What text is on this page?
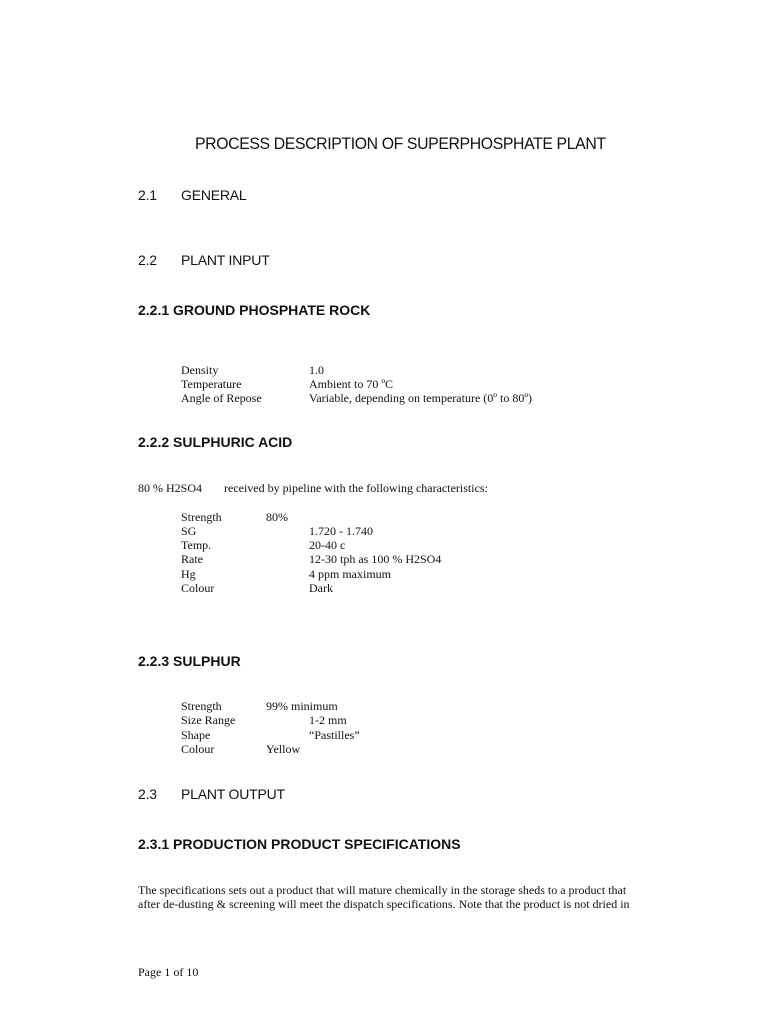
PROCESS DESCRIPTION OF SUPERPHOSPHATE PLANT
2.1 GENERAL
2.2 PLANT INPUT
2.2.1 GROUND PHOSPHATE ROCK
Density	1.0
Temperature	Ambient to 70 ºC
Angle of Repose	Variable, depending on temperature (0º to 80º)
2.2.2 SULPHURIC ACID
80 % H2SO4 received by pipeline with the following characteristics:
Strength	80%
SG	1.720 - 1.740
Temp.	20-40 c
Rate	12-30 tph as 100 % H2SO4
Hg	4 ppm maximum
Colour	Dark
2.2.3 SULPHUR
Strength	99% minimum
Size Range	1-2 mm
Shape	“Pastilles”
Colour	Yellow
2.3 PLANT OUTPUT
2.3.1 PRODUCTION PRODUCT SPECIFICATIONS
The specifications sets out a product that will mature chemically in the storage sheds to a product that
after de-dusting & screening will meet the dispatch specifications. Note that the product is not dried in
Page 1 of 10
